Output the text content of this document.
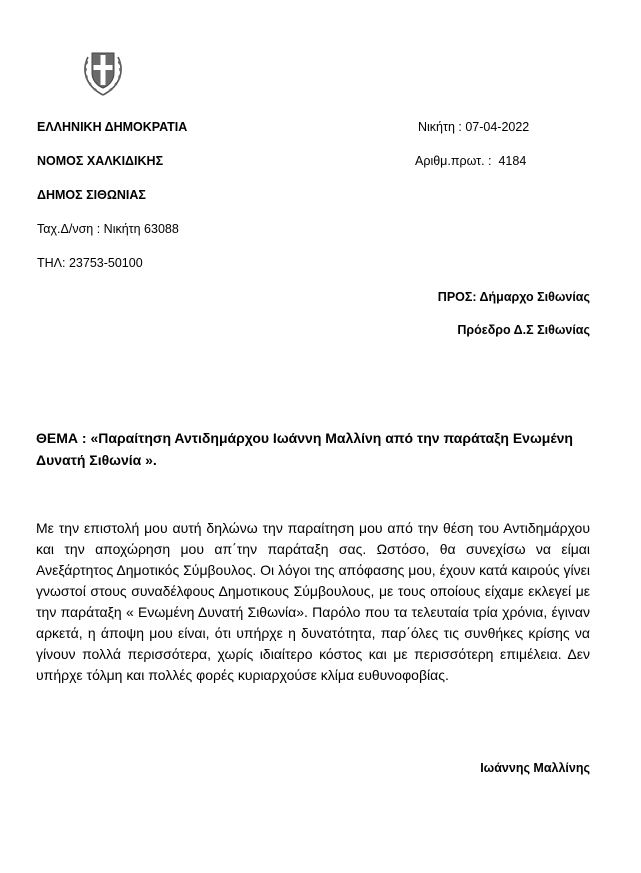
ΕΛΛΗΝΙΚΗ ΔΗΜΟΚΡΑΤΙΑ
ΝΟΜΟΣ ΧΑΛΚΙΔΙΚΗΣ
ΔΗΜΟΣ ΣΙΘΩΝΙΑΣ
Ταχ.Δ/νση : Νικήτη 63088
ΤΗΛ: 23753-50100
Νικήτη : 07-04-2022
Αριθμ.πρωτ. : 4184
ΠΡΟΣ: Δήμαρχο Σιθωνίας
Πρόεδρο Δ.Σ Σιθωνίας
ΘΕΜΑ : «Παραίτηση Αντιδημάρχου Ιωάννη Μαλλίνη από την παράταξη Ενωμένη Δυνατή Σιθωνία ».

Με την επιστολή μου αυτή δηλώνω την παραίτηση μου από την θέση του Αντιδημάρχου και την αποχώρηση μου απ΄την παράταξη σας. Ωστόσο, θα συνεχίσω να είμαι Ανεξάρτητος Δημοτικός Σύμβουλος. Οι λόγοι της απόφασης μου, έχουν κατά καιρούς γίνει γνωστοί στους συναδέλφους Δημοτικους Σύμβουλους, με τους οποίους είχαμε εκλεγεί με την παράταξη « Ενωμένη Δυνατή Σιθωνία». Παρόλο που τα τελευταία τρία χρόνια, έγιναν αρκετά, η άποψη μου είναι, ότι υπήρχε η δυνατότητα, παρ΄όλες τις συνθήκες κρίσης να γίνουν πολλά περισσότερα, χωρίς ιδιαίτερο κόστος και με περισσότερη επιμέλεια. Δεν υπήρχε τόλμη και πολλές φορές κυριαρχούσε κλίμα ευθυνοφοβίας.

Ιωάννης Μαλλίνης
